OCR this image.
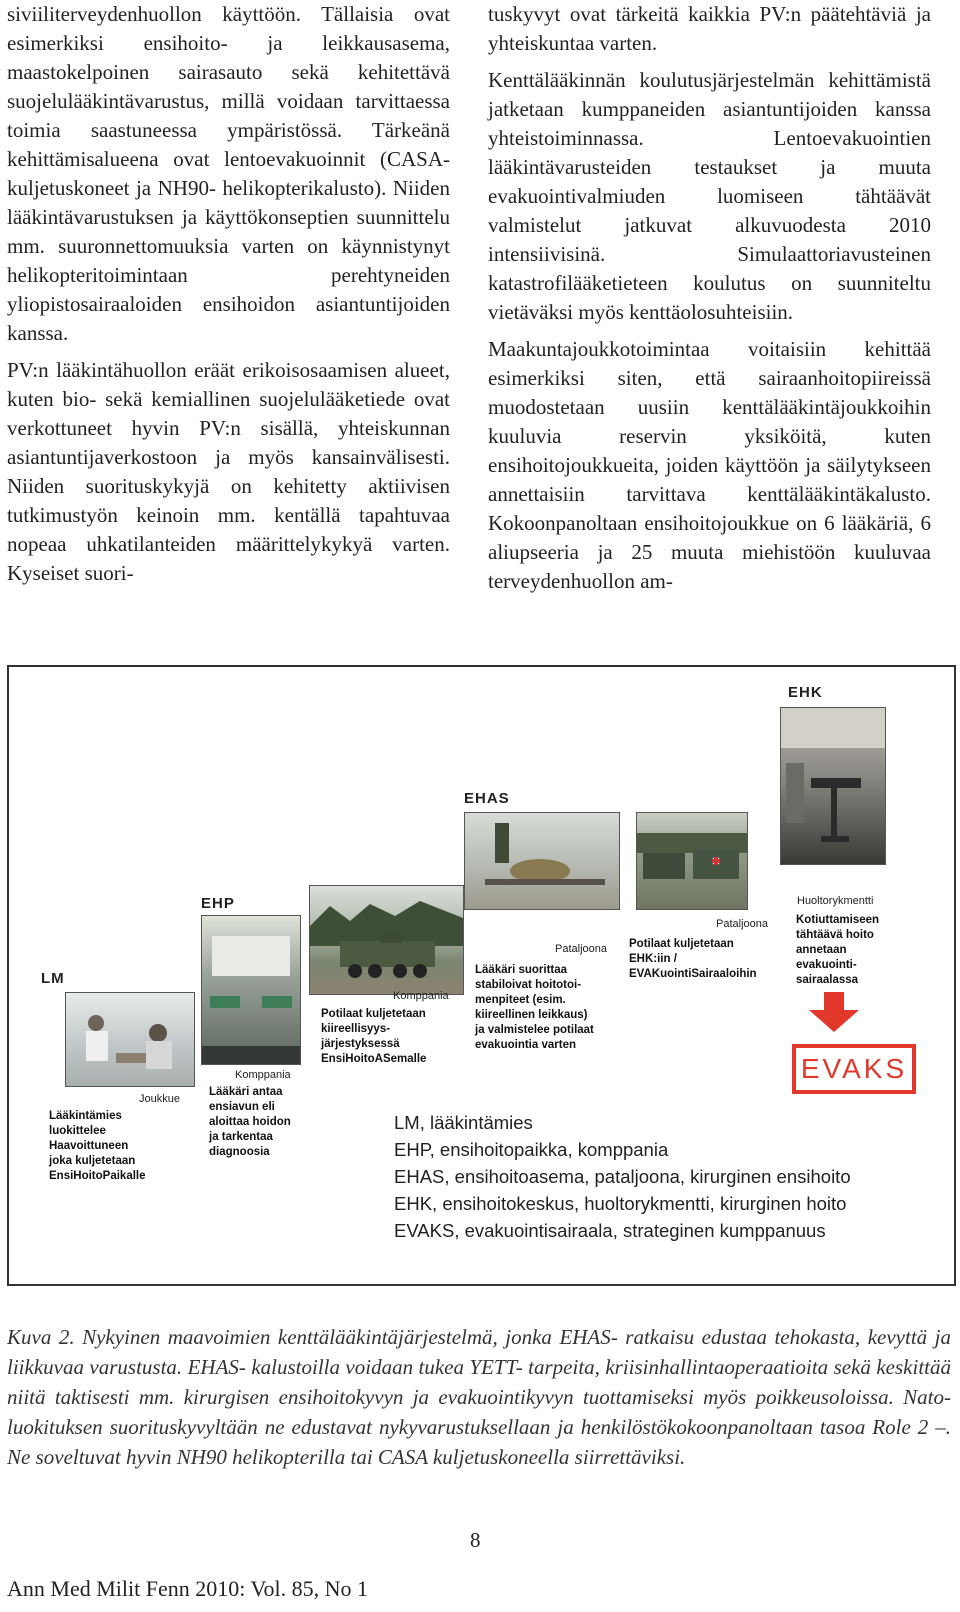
siviiliterveydenhuollon käyttöön. Tällaisia ovat esimerkiksi ensihoito- ja leikkausasema, maastokelpoinen sairasauto sekä kehitettävä suojelulääkintävarustus, millä voidaan tarvittaessa toimia saastuneessa ympäristössä. Tärkeänä kehittämisalueena ovat lentoevakuoinnit (CASA- kuljetuskoneet ja NH90- helikopterikalusto). Niiden lääkintävarustuksen ja käyttökonseptien suunnittelu mm. suuronnettomuuksia varten on käynnistynyt helikopteritoimintaan perehtyneiden yliopistosairaaloiden ensihoidon asiantuntijoiden kanssa.

PV:n lääkintähuollon eräät erikoisosaamisen alueet, kuten bio- sekä kemiallinen suojelulääketiede ovat verkottuneet hyvin PV:n sisällä, yhteiskunnan asiantuntijaverkostoon ja myös kansainvälisesti. Niiden suorituskykyjä on kehitetty aktiivisen tutkimustyön keinoin mm. kentällä tapahtuvaa nopeaa uhkatilanteiden määrittelykykyä varten. Kyseiset suori-

tuskyvyt ovat tärkeitä kaikkia PV:n päätehtäviä ja yhteiskuntaa varten.

Kenttälääkinnän koulutusjärjestelmän kehittämistä jatketaan kumppaneiden asiantuntijoiden kanssa yhteistoiminnassa. Lentoevakuointien lääkintävarusteiden testaukset ja muuta evakuointivalmiuden luomiseen tähtäävät valmistelut jatkuvat alkuvuodesta 2010 intensiivisinä. Simulaattoriavusteinen katastrofilääketieteen koulutus on suunniteltu vietäväksi myös kenttäolosuhteisiin.

Maakuntajoukkotoimintaa voitaisiin kehittää esimerkiksi siten, että sairaanhoitopiireissä muodostetaan uusiin kenttälääkintäjoukkoihin kuuluvia reservin yksiköitä, kuten ensihoitojoukkueita, joiden käyttöön ja säilytykseen annettaisiin tarvittava kenttälääkintäkalusto. Kokoonpanoltaan ensihoitojoukkue on 6 lääkäriä, 6 aliupseeria ja 25 muuta miehistöön kuuluvaa terveydenhuollon am-

EHK
EHAS
Pataljoona
Potilaat kuljetetaan
EHK:iin /
EVAKuointiSairaaloihin
Pataljoona
Lääkäri suorittaa
stabiloivat hoitotoi-
menpiteet (esim.
kiireellinen leikkaus)
ja valmistelee potilaat
evakuointia varten
Huoltorykmentti
Kotiuttamiseen
tähtäävä hoito
annetaan
evakuointi-
sairaalassa
EVAKS
EHP
Komppania
Potilaat kuljetetaan
kiireellisyys-
järjestyksessä
EnsiHoitoASemalle
Komppania
Lääkäri antaa
ensiavun eli
aloittaa hoidon
ja tarkentaa
diagnoosia
LM
Joukkue
Lääkintämies
luokittelee
Haavoittuneen
joka kuljetetaan
EnsiHoitoPaikalle
LM, lääkintämies
EHP, ensihoitopaikka, komppania
EHAS, ensihoitoasema, pataljoona, kirurginen ensihoito
EHK, ensihoitokeskus, huoltorykmentti, kirurginen hoito
EVAKS, evakuointisairaala, strateginen kumppanuus
Kuva 2. Nykyinen maavoimien kenttälääkintäjärjestelmä, jonka EHAS- ratkaisu edustaa tehokasta, kevyttä ja liikkuvaa varustusta. EHAS- kalustoilla voidaan tukea YETT- tarpeita, kriisinhallintaoperaatioita sekä keskittää niitä taktisesti mm. kirurgisen ensihoitokyvyn ja evakuointikyvyn tuottamiseksi myös poikkeusoloissa. Nato- luokituksen suorituskyvyltään ne edustavat nykyvarustuksellaan ja henkilöstökokoonpanoltaan tasoa Role 2 –. Ne soveltuvat hyvin NH90 helikopterilla tai CASA kuljetuskoneella siirrettäviksi.
8
Ann Med Milit Fenn 2010: Vol. 85, No 1
